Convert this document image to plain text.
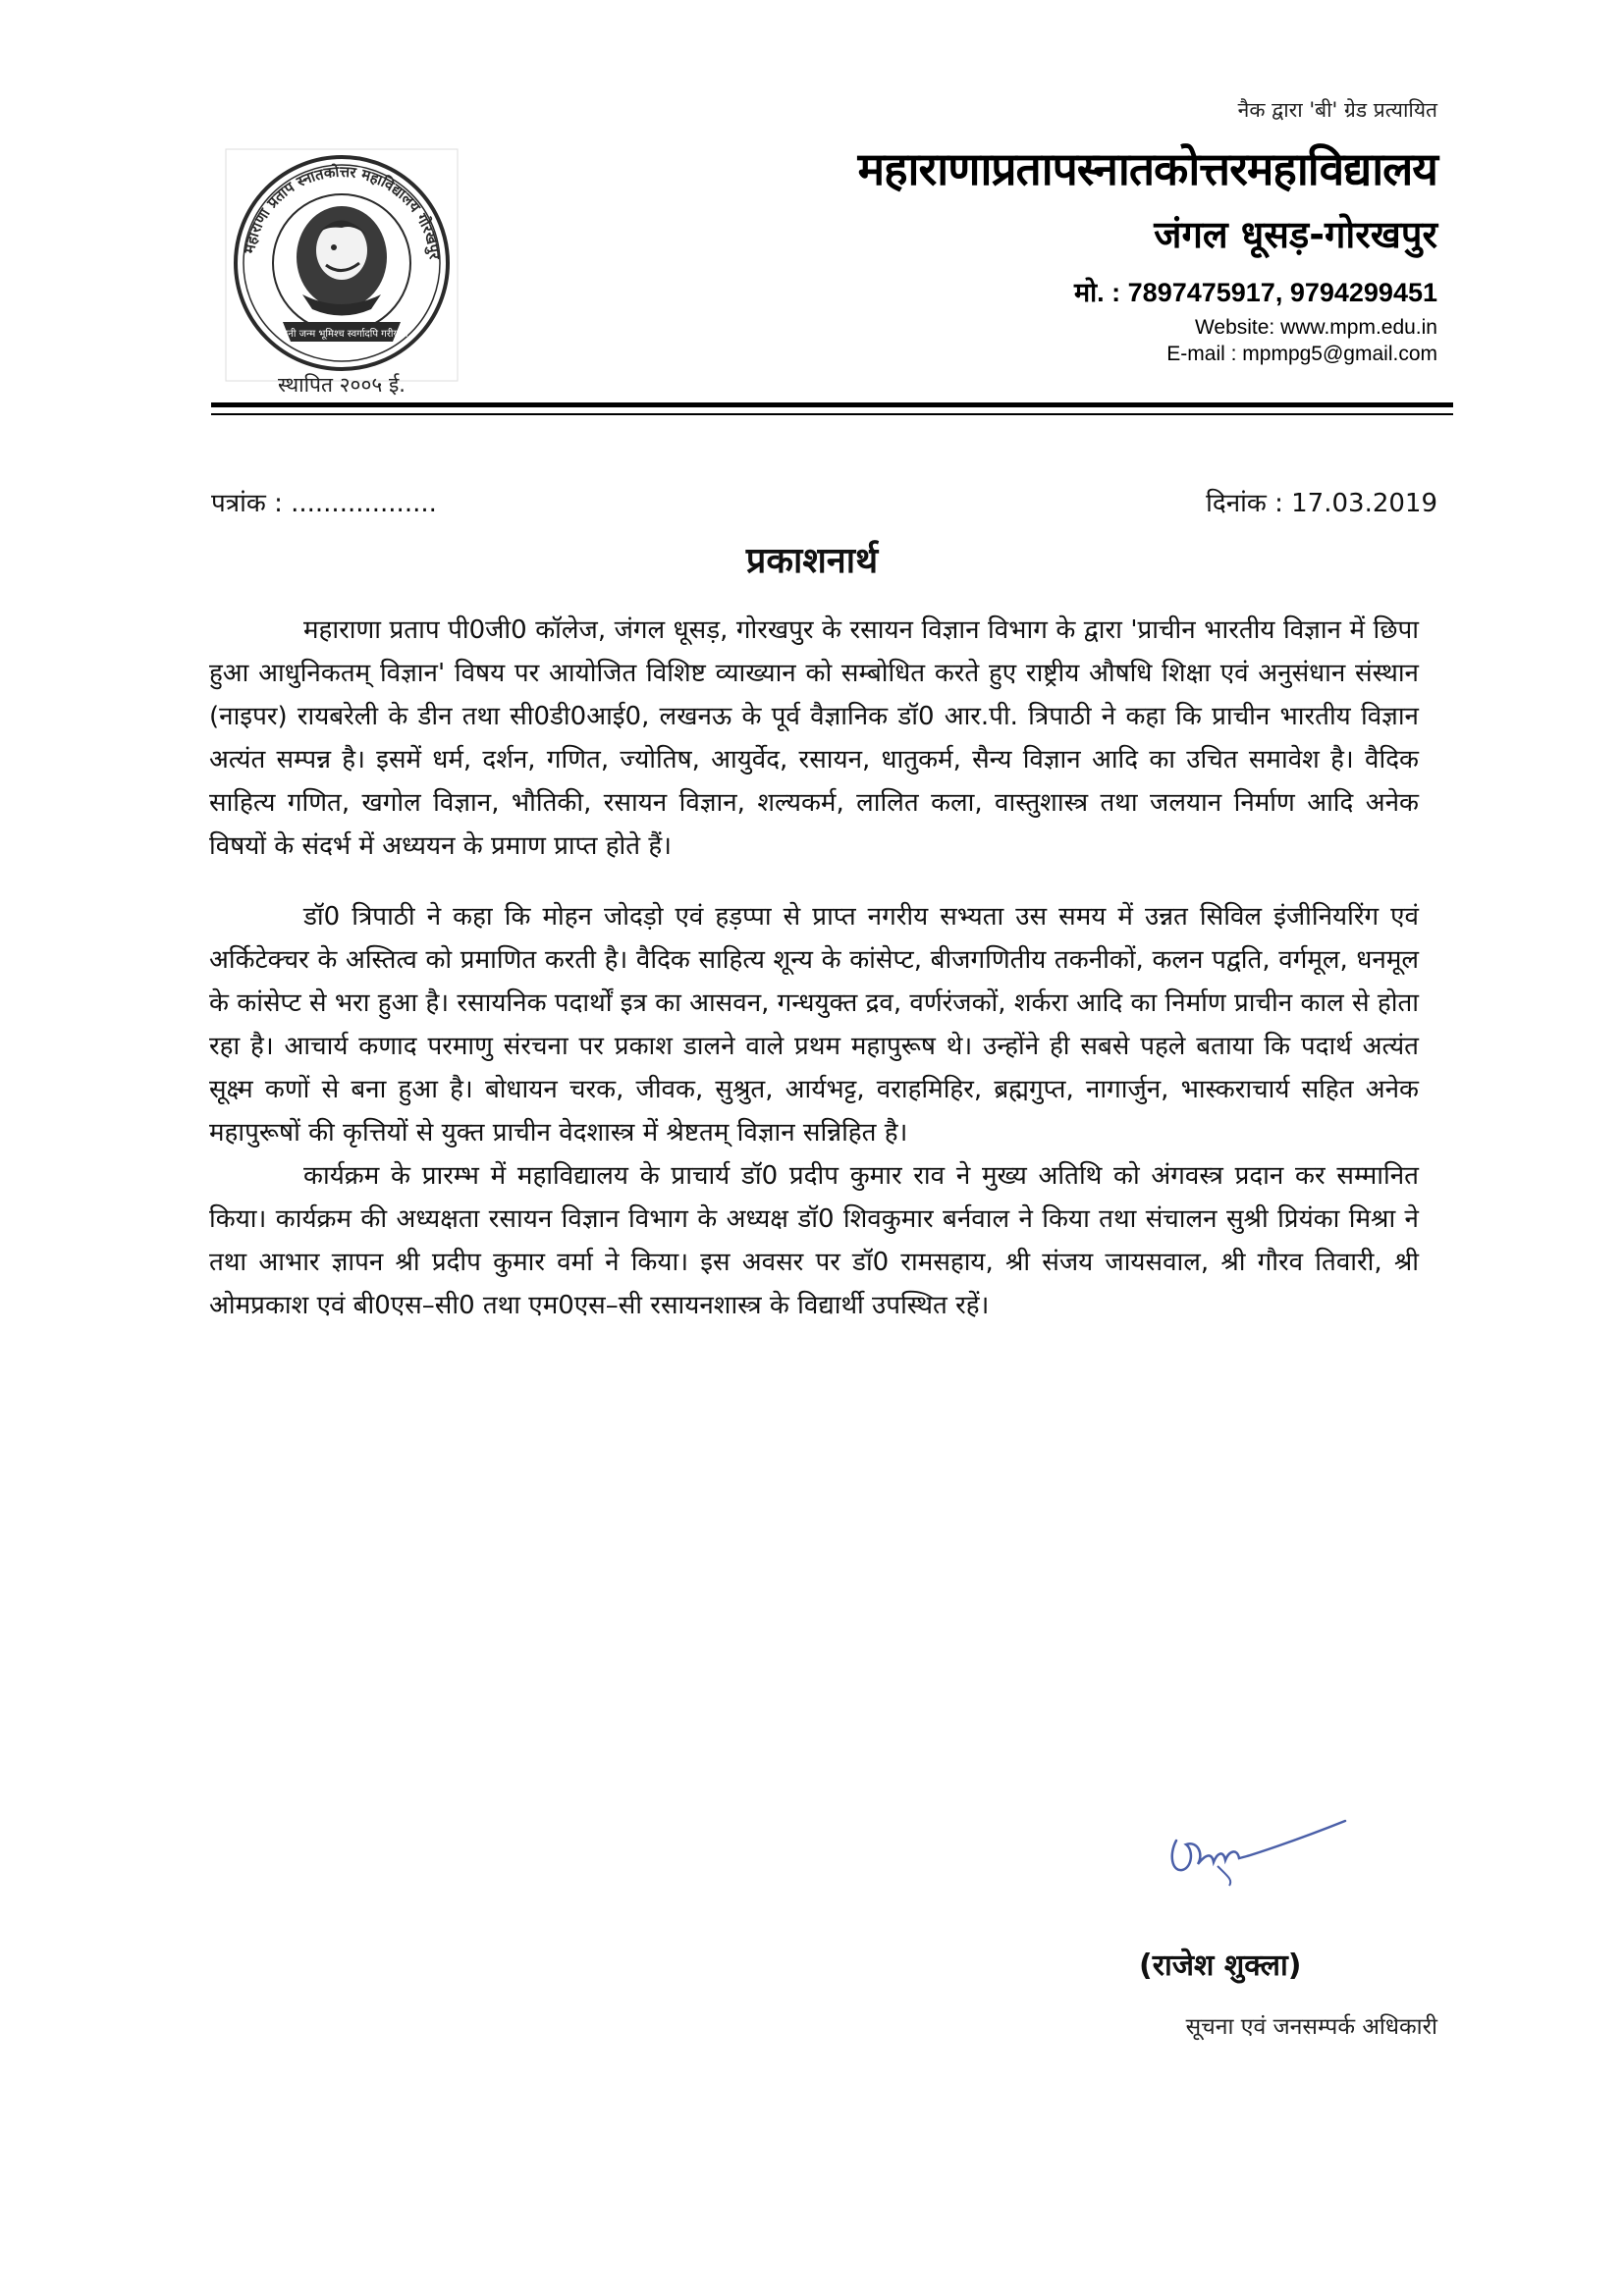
नैक द्वारा 'बी' ग्रेड प्रत्यायित
महाराणा प्रताप स्नातकोत्तर महाविद्यालय गोरखपुर
जननी जन्म भूमिश्च स्वर्गादपि गरीयसी
स्थापित २००५ ई.
महाराणाप्रतापस्नातकोत्तरमहाविद्यालय
जंगल धूसड़-गोरखपुर
मो. : 7897475917, 9794299451
Website: www.mpm.edu.in
E-mail : mpmpg5@gmail.com
पत्रांक : ..................	दिनांक : 17.03.2019
प्रकाशनार्थ

महाराणा प्रताप पी0जी0 कॉलेज, जंगल धूसड़, गोरखपुर के रसायन विज्ञान विभाग के द्वारा 'प्राचीन भारतीय विज्ञान में छिपा हुआ आधुनिकतम् विज्ञान' विषय पर आयोजित विशिष्ट व्याख्यान को सम्बोधित करते हुए राष्ट्रीय औषधि शिक्षा एवं अनुसंधान संस्थान (नाइपर) रायबरेली के डीन तथा सी0डी0आई0, लखनऊ के पूर्व वैज्ञानिक डॉ0 आर.पी. त्रिपाठी ने कहा कि प्राचीन भारतीय विज्ञान अत्यंत सम्पन्न है। इसमें धर्म, दर्शन, गणित, ज्योतिष, आयुर्वेद, रसायन, धातुकर्म, सैन्य विज्ञान आदि का उचित समावेश है। वैदिक साहित्य गणित, खगोल विज्ञान, भौतिकी, रसायन विज्ञान, शल्यकर्म, लालित कला, वास्तुशास्त्र तथा जलयान निर्माण आदि अनेक विषयों के संदर्भ में अध्ययन के प्रमाण प्राप्त होते हैं।

डॉ0 त्रिपाठी ने कहा कि मोहन जोदड़ो एवं हड़प्पा से प्राप्त नगरीय सभ्यता उस समय में उन्नत सिविल इंजीनियरिंग एवं अर्किटेक्चर के अस्तित्व को प्रमाणित करती है। वैदिक साहित्य शून्य के कांसेप्ट, बीजगणितीय तकनीकों, कलन पद्वति, वर्गमूल, धनमूल के कांसेप्ट से भरा हुआ है। रसायनिक पदार्थों इत्र का आसवन, गन्धयुक्त द्रव, वर्णरंजकों, शर्करा आदि का निर्माण प्राचीन काल से होता रहा है। आचार्य कणाद परमाणु संरचना पर प्रकाश डालने वाले प्रथम महापुरूष थे। उन्होंने ही सबसे पहले बताया कि पदार्थ अत्यंत सूक्ष्म कणों से बना हुआ है। बोधायन चरक, जीवक, सुश्रुत, आर्यभट्ट, वराहमिहिर, ब्रह्मगुप्त, नागार्जुन, भास्कराचार्य सहित अनेक महापुरूषों की कृत्तियों से युक्त प्राचीन वेदशास्त्र में श्रेष्टतम् विज्ञान सन्निहित है।

कार्यक्रम के प्रारम्भ में महाविद्यालय के प्राचार्य डॉ0 प्रदीप कुमार राव ने मुख्य अतिथि को अंगवस्त्र प्रदान कर सम्मानित किया। कार्यक्रम की अध्यक्षता रसायन विज्ञान विभाग के अध्यक्ष डॉ0 शिवकुमार बर्नवाल ने किया तथा संचालन सुश्री प्रियंका मिश्रा ने तथा आभार ज्ञापन श्री प्रदीप कुमार वर्मा ने किया। इस अवसर पर डॉ0 रामसहाय, श्री संजय जायसवाल, श्री गौरव तिवारी, श्री ओमप्रकाश एवं बी0एस–सी0 तथा एम0एस–सी रसायनशास्त्र के विद्यार्थी उपस्थित रहें।

(राजेश शुक्ला)
सूचना एवं जनसम्पर्क अधिकारी
